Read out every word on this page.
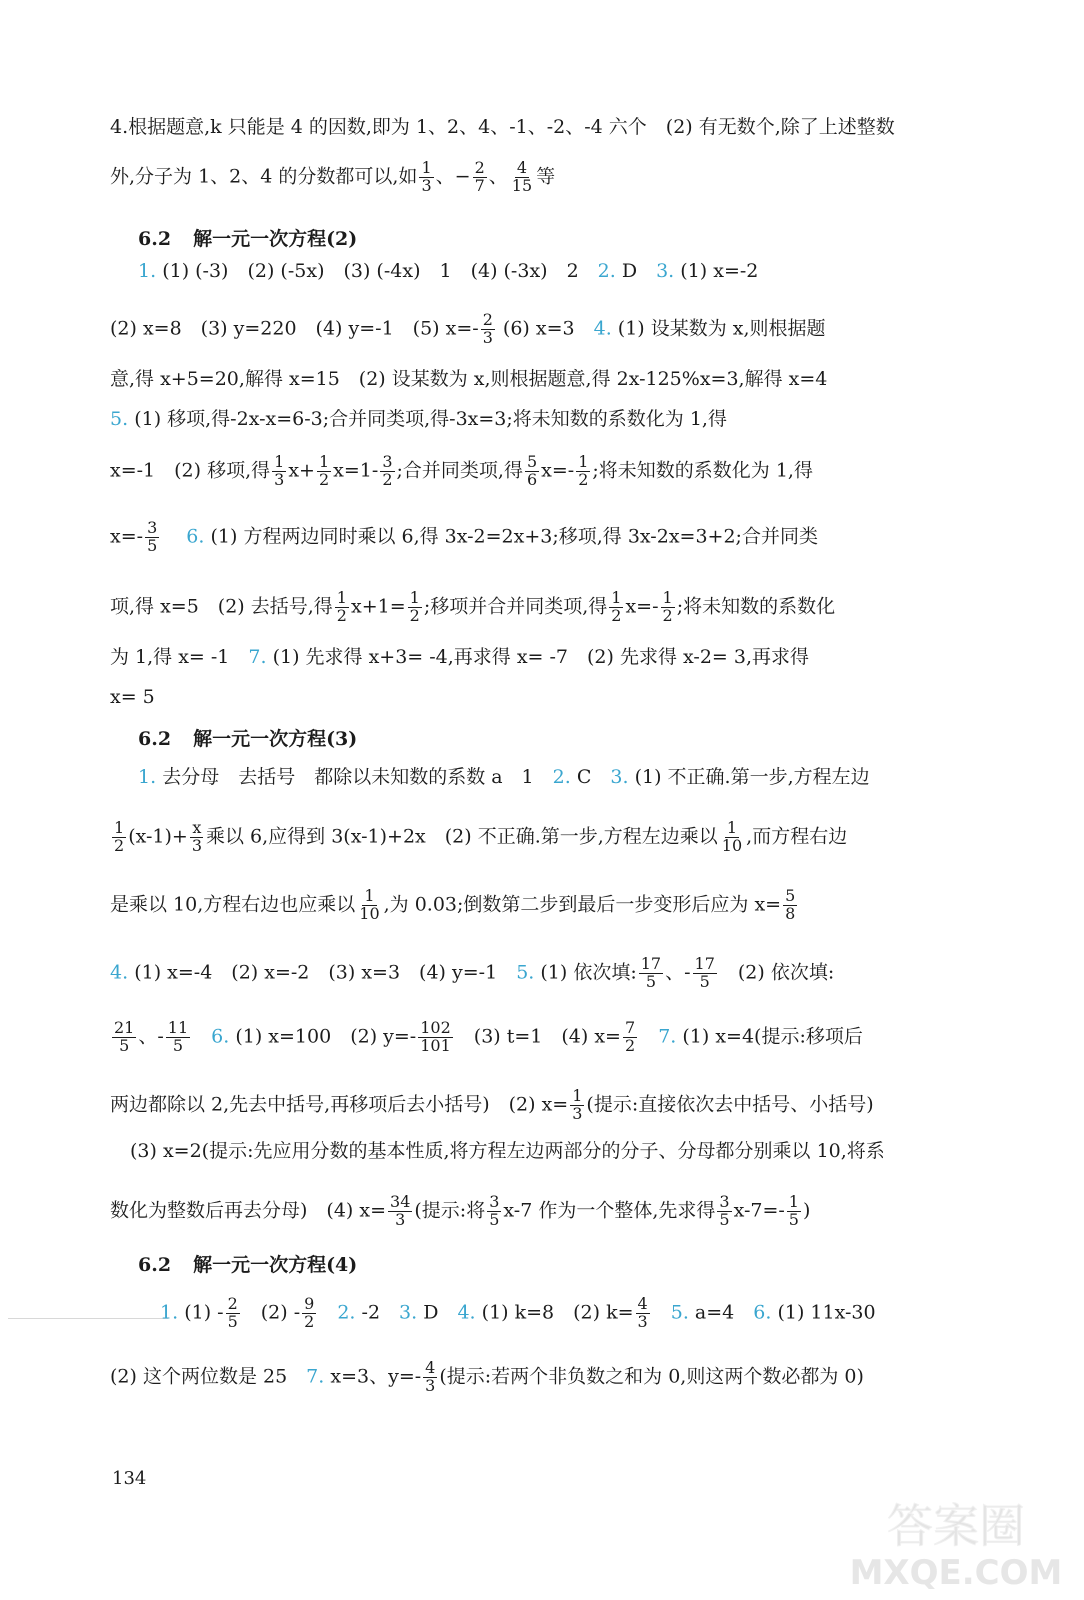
4.根据题意,k 只能是 4 的因数,即为 1、2、4、-1、-2、-4 六个　(2) 有无数个,除了上述整数
外,分子为 1、2、4 的分数都可以,如 $\frac{1}{3}$ 、− $\frac{2}{7}$ 、 $\frac{4}{15}$ 等
6.2 解一元一次方程(2)
1. (1) (-3)　(2) (-5x)　(3) (-4x)　1　(4) (-3x)　2　2. D　3. (1) x=-2
(2) x=8　(3) y=220　(4) y=-1　(5) $x=- \frac{2}{3} (6)$ x=3　4. (1) 设某数为 x,则根据题
意,得 x+5=20,解得 x=15　(2) 设某数为 x,则根据题意,得 2x-125%x=3,解得 x=4
5. (1) 移项,得-2x-x=6-3;合并同类项,得-3x=3;将未知数的系数化为 1,得
x=-1　(2) 移项,得 $\frac{1}{3} x+ \frac{1}{2} x=1- \frac{3}{2}$ ;合并同类项,得 $\frac{5}{6} x=- \frac{1}{2}$ ;将未知数的系数化为 1,得
$x=- \frac{3}{5}$
　 6. (1) 方程两边同时乘以 6,得 3x-2=2x+3;移项,得 3x-2x=3+2;合并同类
项,得 x=5　(2) 去括号,得 $\frac{1}{2} x+1= \frac{1}{2}$ ;移项并合并同类项,得 $\frac{1}{2} x=- \frac{1}{2}$ ;将未知数的系数化
为 1,得 x= -1　7. (1) 先求得 x+3= -4,再求得 x= -7　(2) 先求得 x-2= 3,再求得
x= 5
6.2 解一元一次方程(3)
1. 去分母　去括号　都除以未知数的系数 a　1　2. C　3. (1) 不正确.第一步,方程左边
$\frac{1}{2} (x-1)+ \frac{x}{3}$ 乘以 6,应得到 3(x-1)+2x　(2) 不正确.第一步,方程左边乘以 $\frac{1}{10}$ ,而方程右边
是乘以 10,方程右边也应乘以 $\frac{1}{10}$ ,为 0.03;倒数第二步到最后一步变形后应为 $x= \frac{5}{8}$
4. (1) x=-4　(2) x=-2　(3) x=3　(4) y=-1　5. (1) 依次填: $\frac{17}{5}$ 、- $\frac{17}{5}$
　 (2) 依次填:
$\frac{21}{5}$ 、- $\frac{11}{5}$
　 6. (1) x=100　(2) $y=- \frac{102}{101}$
　 (3) t=1　(4) $x= \frac{7}{2}$
　 7. (1) x=4(提示:移项后
两边都除以 2,先去中括号,再移项后去小括号)　(2) $x= \frac{1}{3}$ (提示:直接依次去中括号、小括号)
(3) x=2(提示:先应用分数的基本性质,将方程左边两部分的分子、分母都分别乘以 10,将系
数化为整数后再去分母)　(4) $x= \frac{34}{3}$ (提示:将 $\frac{3}{5} x-7$ 作为一个整体,先求得 $\frac{3}{5} x-7=- \frac{1}{5}$ )
6.2 解一元一次方程(4)
1. $(1) - \frac{2}{5}$
　 $(2) - \frac{9}{2}$
　 2. -2　3. D　4. (1) k=8　(2) $k= \frac{4}{3}$
　 5. a=4　6. (1) 11x-30
(2) 这个两位数是 25　7. x=3、$y=- \frac{4}{3}$ (提示:若两个非负数之和为 0,则这两个数必都为 0)
134
答案圈
MXQE.COM
